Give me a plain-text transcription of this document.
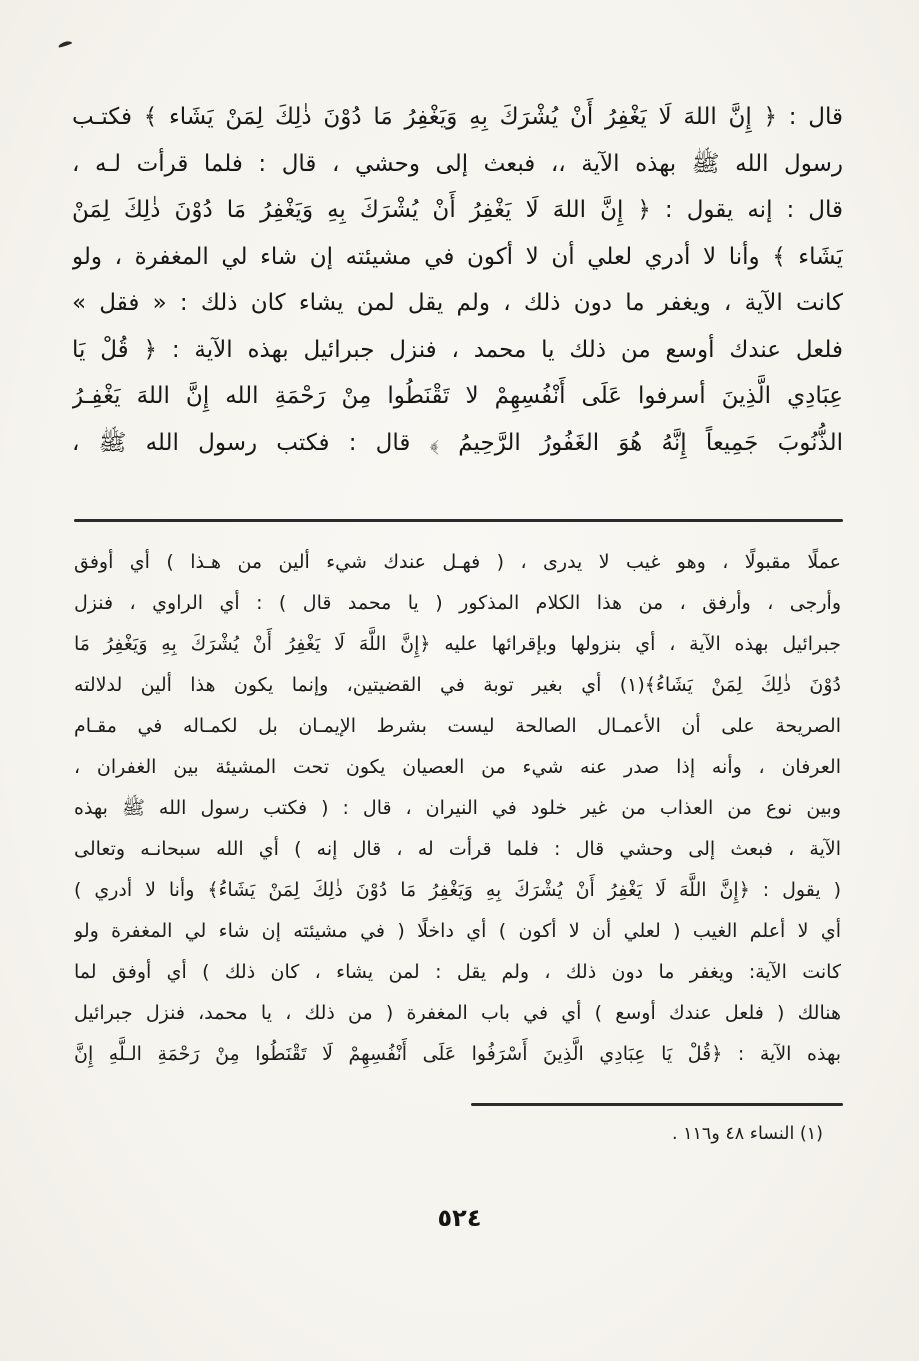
قال : ﴿ إِنَّ اللهَ لَا يَغْفِرُ أَنْ يُشْرَكَ بِهِ وَيَغْفِرُ مَا دُوْنَ ذٰلِكَ لِمَنْ يَشَاء ﴾ فكتـب
رسول الله ﷺ بهذه الآية ،، فبعث إلى وحشي ، قال : فلما قرأت لـه ،
قال : إنه يقول : ﴿ إِنَّ اللهَ لَا يَغْفِرُ أَنْ يُشْرَكَ بِهِ وَيَغْفِرُ مَا دُوْنَ ذٰلِكَ لِمَنْ
يَشَاء ﴾ وأنا لا أدري لعلي أن لا أكون في مشيئته إن شاء لي المغفرة ، ولو
كانت الآية ، ويغفر ما دون ذلك ، ولم يقل لمن يشاء كان ذلك : « فقل »
فلعل عندك أوسع من ذلك يا محمد ، فنزل جبرائيل بهذه الآية : ﴿ قُلْ يَا
عِبَادِي الَّذِينَ أسرفوا عَلَى أَنْفُسِهِمْ لا تَقْنَطُوا مِنْ رَحْمَةِ الله إِنَّ اللهَ يَغْفِـرُ
الذُّنُوبَ جَمِيعاً إِنَّهُ هُوَ الغَفُورُ الرَّحِيمُ ﴾ قال : فكتب رسول الله ﷺ ،
عملًا مقبولًا ، وهو غيب لا يدرى ، ( فهـل عندك شيء ألين من هـذا ) أي أوفق
وأرجى ، وأرفق ، من هذا الكلام المذكور ( يا محمد قال ) : أي الراوي ، فنزل
جبرائيل بهذه الآية ، أي بنزولها وبإقرائها عليه ﴿إِنَّ اللَّهَ لَا يَغْفِرُ أَنْ يُشْرَكَ بِهِ وَيَغْفِرُ مَا
دُوْنَ ذٰلِكَ لِمَنْ يَشَاءُ﴾(١) أي بغير توبة في القضيتين، وإنما يكون هذا ألين لدلالته
الصريحة على أن الأعمـال الصالحة ليست بشرط الإيمـان بل لكمـاله في مقـام
العرفان ، وأنه إذا صدر عنه شيء من العصيان يكون تحت المشيئة بين الغفران ،
وبين نوع من العذاب من غير خلود في النيران ، قال : ( فكتب رسول الله ﷺ بهذه
الآية ، فبعث إلى وحشي قال : فلما قرأت له ، قال إنه ) أي الله سبحانـه وتعالى
( يقول : ﴿إِنَّ اللَّهَ لَا يَغْفِرُ أَنْ يُشْرَكَ بِهِ وَيَغْفِرُ مَا دُوْنَ ذٰلِكَ لِمَنْ يَشَاءُ﴾ وأنا لا أدري )
أي لا أعلم الغيب ( لعلي أن لا أكون ) أي داخلًا ( في مشيئته إن شاء لي المغفرة ولو
كانت الآية: ويغفر ما دون ذلك ، ولم يقل : لمن يشاء ، كان ذلك ) أي أوفق لما
هنالك ( فلعل عندك أوسع ) أي في باب المغفرة ( من ذلك ، يا محمد، فنزل جبرائيل
بهذه الآية : ﴿قُلْ يَا عِبَادِي الَّذِينَ أَسْرَفُوا عَلَى أَنْفُسِهِمْ لَا تَقْنَطُوا مِنْ رَحْمَةِ الـلَّهِ إِنَّ
(١) النساء ٤٨ و١١٦ .
٥٢٤
